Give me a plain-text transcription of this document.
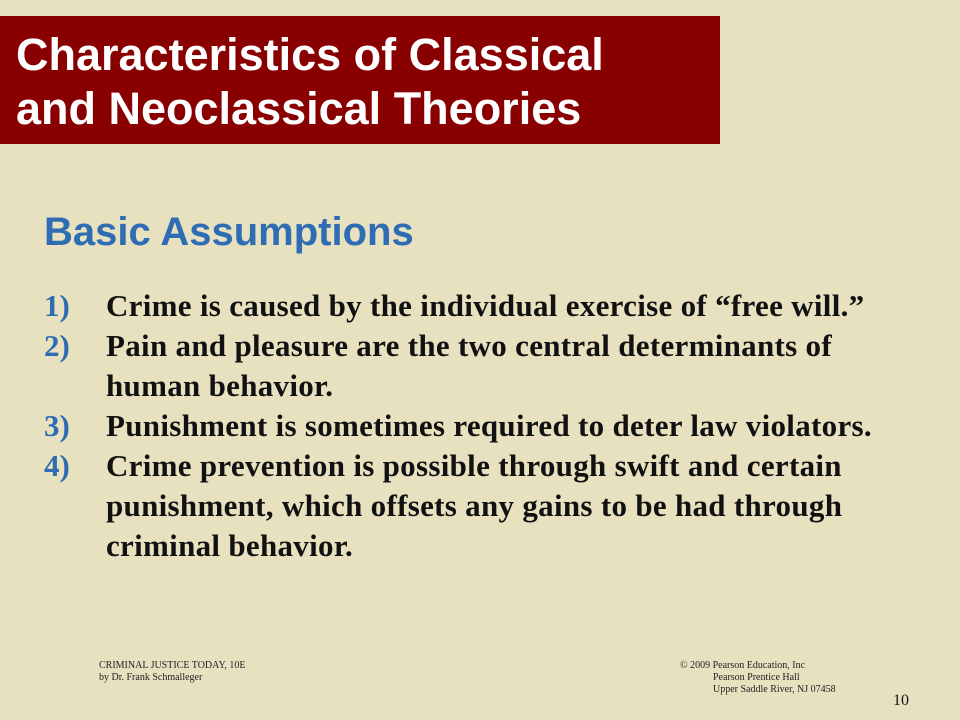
Characteristics of Classical
and Neoclassical Theories
Basic Assumptions
1)	Crime is caused by the individual exercise of “free will.”
2)	Pain and pleasure are the two central determinants of human behavior.
3)	Punishment is sometimes required to deter law violators.
4)	Crime prevention is possible through swift and certain punishment, which offsets any gains to be had through criminal behavior.
CRIMINAL JUSTICE TODAY, 10E
by Dr. Frank Schmalleger
© 2009 Pearson Education, Inc
Pearson Prentice Hall
Upper Saddle River, NJ 07458
10
